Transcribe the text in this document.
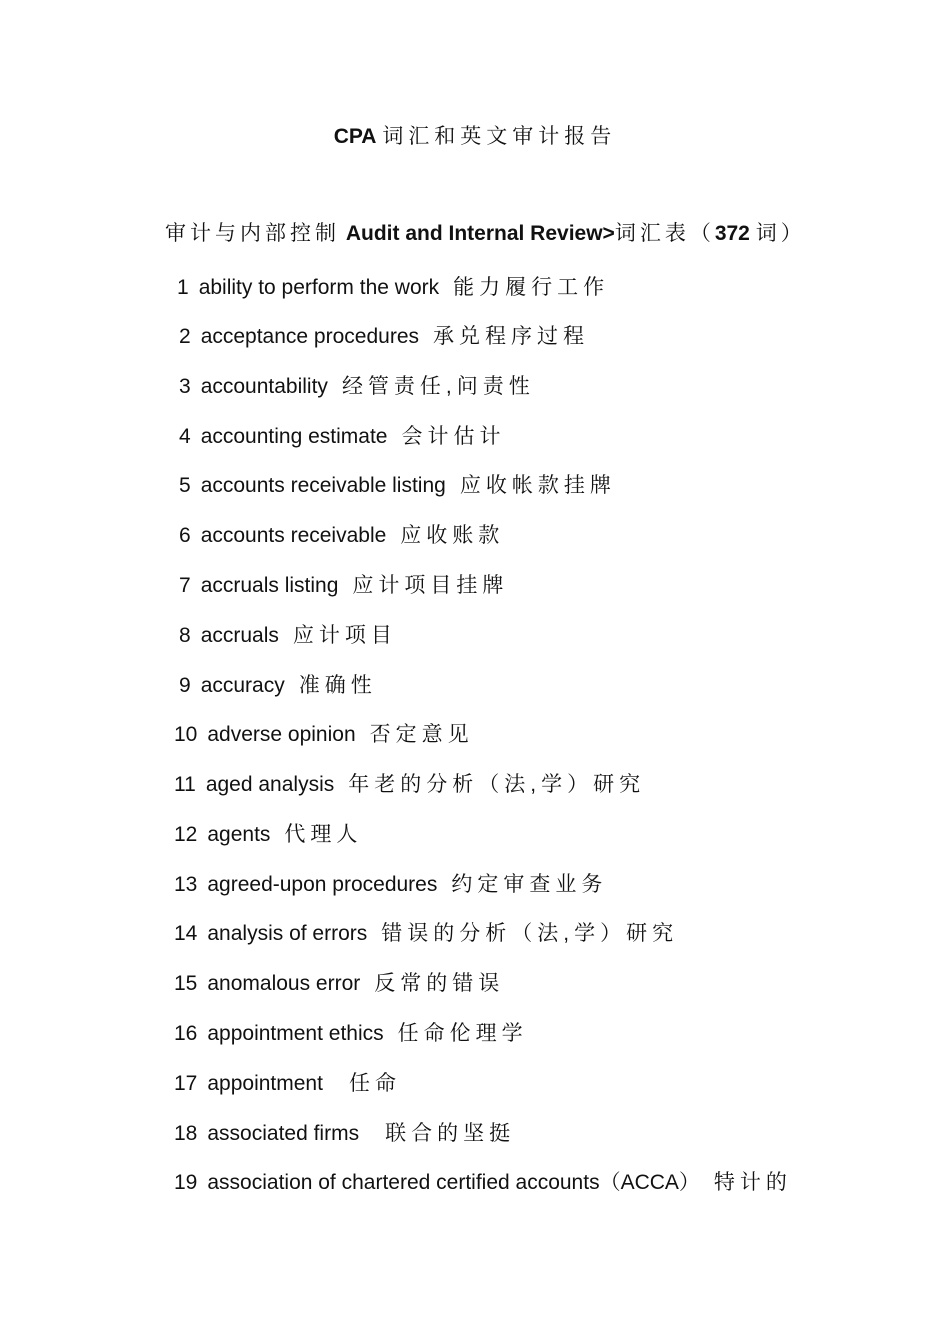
CPA 词汇和英文审计报告
审计与内部控制 Audit and Internal Review>词汇表（372 词）
1 ability to perform the work 能力履行工作
2 acceptance procedures 承兑程序过程
3 accountability 经管责任,问责性
4 accounting estimate 会计估计
5 accounts receivable listing 应收帐款挂牌
6 accounts receivable 应收账款
7 accruals listing 应计项目挂牌
8 accruals 应计项目
9 accuracy 准确性
10 adverse opinion 否定意见
11 aged analysis 年老的分析（法,学）研究
12 agents 代理人
13 agreed-upon procedures 约定审查业务
14 analysis of errors 错误的分析（法,学）研究
15 anomalous error 反常的错误
16 appointment ethics 任命伦理学
17 appointment 任命
18 associated firms 联合的坚挺
19 association of chartered certified accounts（ACCA） 特计的
